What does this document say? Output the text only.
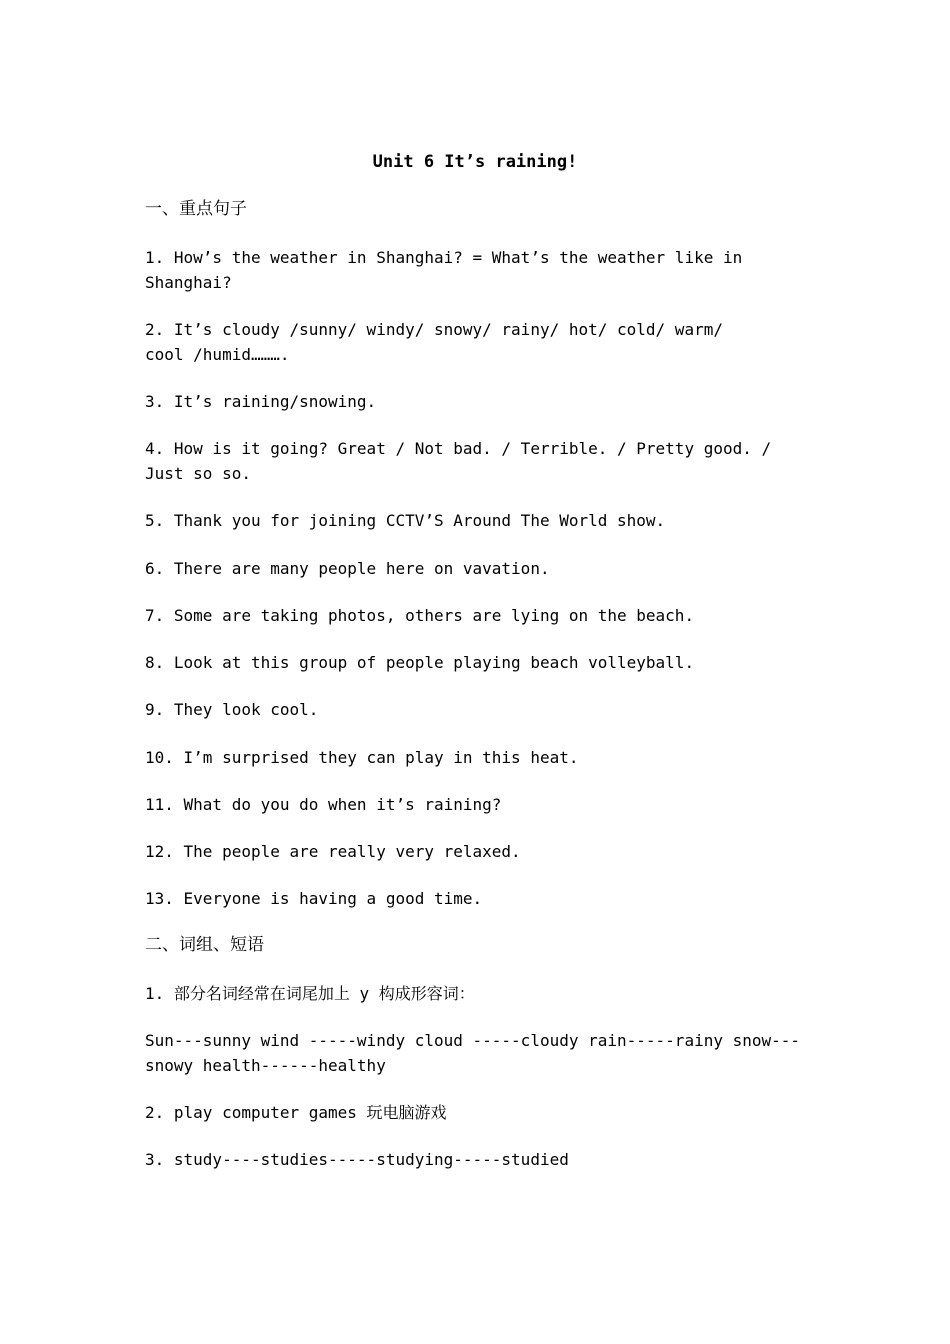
Unit 6 It’s raining!
一、重点句子
1. How’s the weather in Shanghai? = What’s the weather like in
Shanghai?
2. It’s cloudy /sunny/ windy/ snowy/ rainy/ hot/ cold/ warm/
cool /humid……….
3. It’s raining/snowing.
4. How is it going? Great / Not bad. / Terrible. / Pretty good. /
Just so so.
5. Thank you for joining CCTV’S Around The World show.
6. There are many people here on vavation.
7. Some are taking photos, others are lying on the beach.
8. Look at this group of people playing beach volleyball.
9. They look cool.
10. I’m surprised they can play in this heat.
11. What do you do when it’s raining?
12. The people are really very relaxed.
13. Everyone is having a good time.
二、词组、短语
1. 部分名词经常在词尾加上 y 构成形容词：
Sun---sunny wind -----windy cloud -----cloudy rain-----rainy snow---
snowy health------healthy
2. play computer games 玩电脑游戏
3. study----studies-----studying-----studied
